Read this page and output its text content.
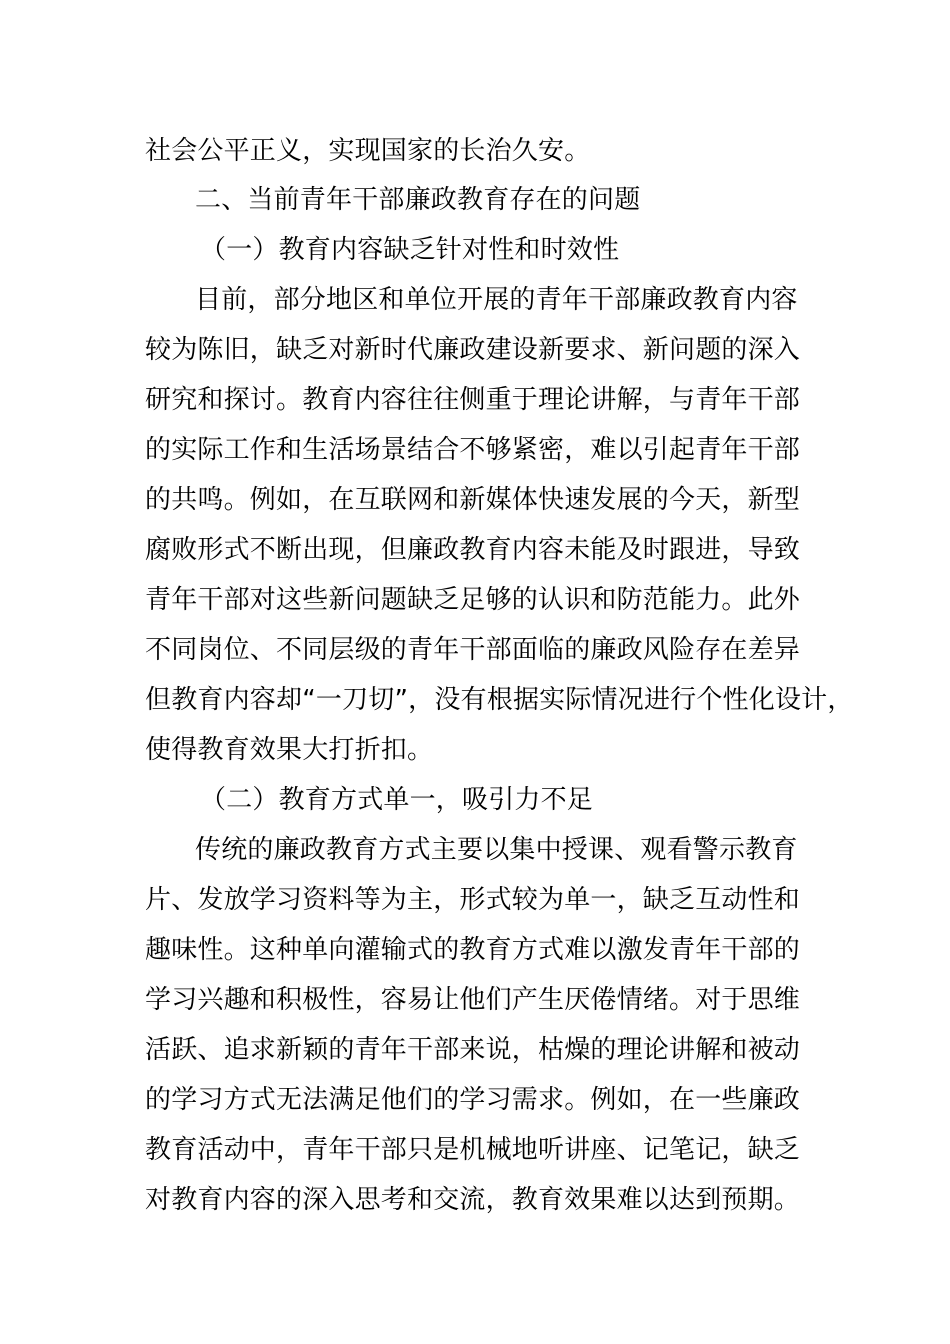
社会公平正义，实现国家的长治久安。
二、当前青年干部廉政教育存在的问题
（一）教育内容缺乏针对性和时效性
目前，部分地区和单位开展的青年干部廉政教育内容
较为陈旧，缺乏对新时代廉政建设新要求、新问题的深入
研究和探讨。教育内容往往侧重于理论讲解，与青年干部
的实际工作和生活场景结合不够紧密，难以引起青年干部
的共鸣。例如，在互联网和新媒体快速发展的今天，新型
腐败形式不断出现，但廉政教育内容未能及时跟进，导致
青年干部对这些新问题缺乏足够的认识和防范能力。此外
不同岗位、不同层级的青年干部面临的廉政风险存在差异
但教育内容却“一刀切”，没有根据实际情况进行个性化设计，
使得教育效果大打折扣。
（二）教育方式单一，吸引力不足
传统的廉政教育方式主要以集中授课、观看警示教育
片、发放学习资料等为主，形式较为单一，缺乏互动性和
趣味性。这种单向灌输式的教育方式难以激发青年干部的
学习兴趣和积极性，容易让他们产生厌倦情绪。对于思维
活跃、追求新颖的青年干部来说，枯燥的理论讲解和被动
的学习方式无法满足他们的学习需求。例如，在一些廉政
教育活动中，青年干部只是机械地听讲座、记笔记，缺乏
对教育内容的深入思考和交流，教育效果难以达到预期。
